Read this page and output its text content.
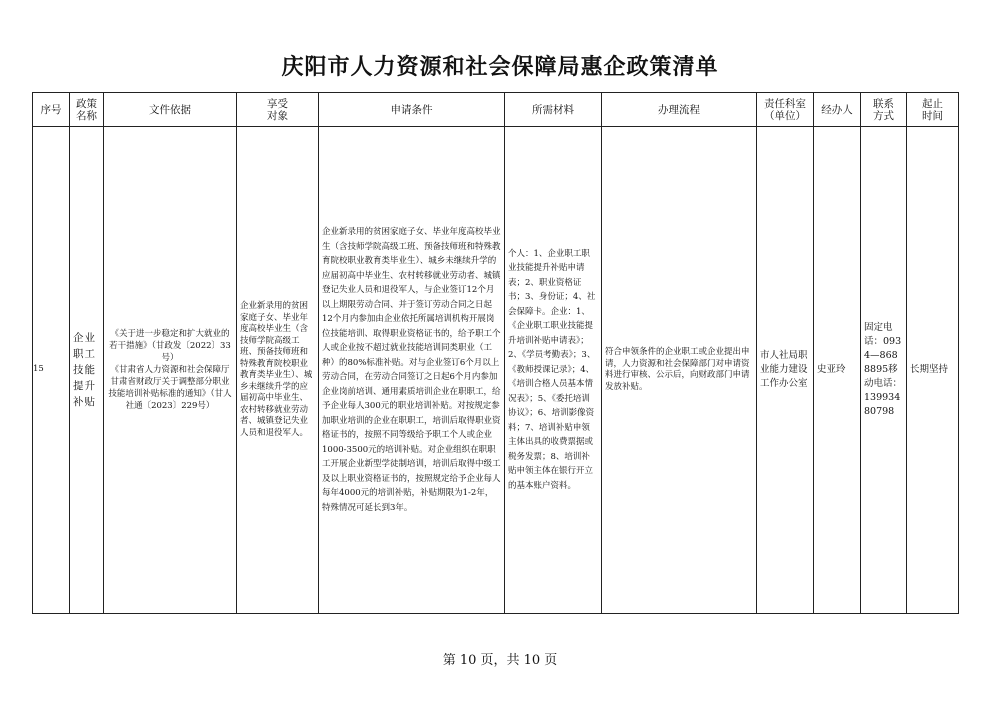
庆阳市人力资源和社会保障局惠企政策清单
序号	政策
名称	文件依据	享受
对象	申请条件	所需材料	办理流程	责任科室
（单位）	经办人	联系
方式	起止
时间
15	企业职工技能提升补贴	《关于进一步稳定和扩大就业的若干措施》（甘政发〔2022〕33号）
《甘肃省人力资源和社会保障厅甘肃省财政厅关于调整部分职业技能培训补贴标准的通知》（甘人社通〔2023〕229号）	企业新录用的贫困家庭子女、毕业年度高校毕业生（含技师学院高级工班、预备技师班和特殊教育院校职业教育类毕业生）、城乡未继续升学的应届初高中毕业生、农村转移就业劳动者、城镇登记失业人员和退役军人。	企业新录用的贫困家庭子女、毕业年度高校毕业生（含技师学院高级工班、预备技师班和特殊教育院校职业教育类毕业生）、城乡未继续升学的应届初高中毕业生、农村转移就业劳动者、城镇登记失业人员和退役军人，与企业签订12个月以上期限劳动合同、并于签订劳动合同之日起12个月内参加由企业依托所属培训机构开展岗位技能培训、取得职业资格证书的，给予职工个人或企业按不超过就业技能培训同类职业（工种）的80%标准补贴。对与企业签订6个月以上劳动合同，在劳动合同签订之日起6个月内参加企业岗前培训、通用素质培训企业在职职工，给予企业每人300元的职业培训补贴。对按规定参加职业培训的企业在职职工，培训后取得职业资格证书的，按照不同等级给予职工个人或企业1000-3500元的培训补贴。对企业组织在职职工开展企业新型学徒制培训，培训后取得中级工及以上职业资格证书的，按照规定给予企业每人每年4000元的培训补贴，补贴期限为1-2年，特殊情况可延长到3年。	个人：1、企业职工职业技能提升补贴申请表；2、职业资格证书；3、身份证；4、社会保障卡。企业：1、《企业职工职业技能提升培训补贴申请表》；2、《学员考勤表》；3、《教师授课记录》；4、《培训合格人员基本情况表》；5、《委托培训协议》；6、培训影像资料；7、培训补贴申领主体出具的收费票据或税务发票；8、培训补贴申领主体在银行开立的基本账户资料。	符合申领条件的企业职工或企业提出申请，人力资源和社会保障部门对申请资料进行审核、公示后，向财政部门申请发放补贴。	市人社局职业能力建设工作办公室	史亚玲	固定电话：0934—8688895移动电话：13993480798	长期坚持
第 10 页，共 10 页
